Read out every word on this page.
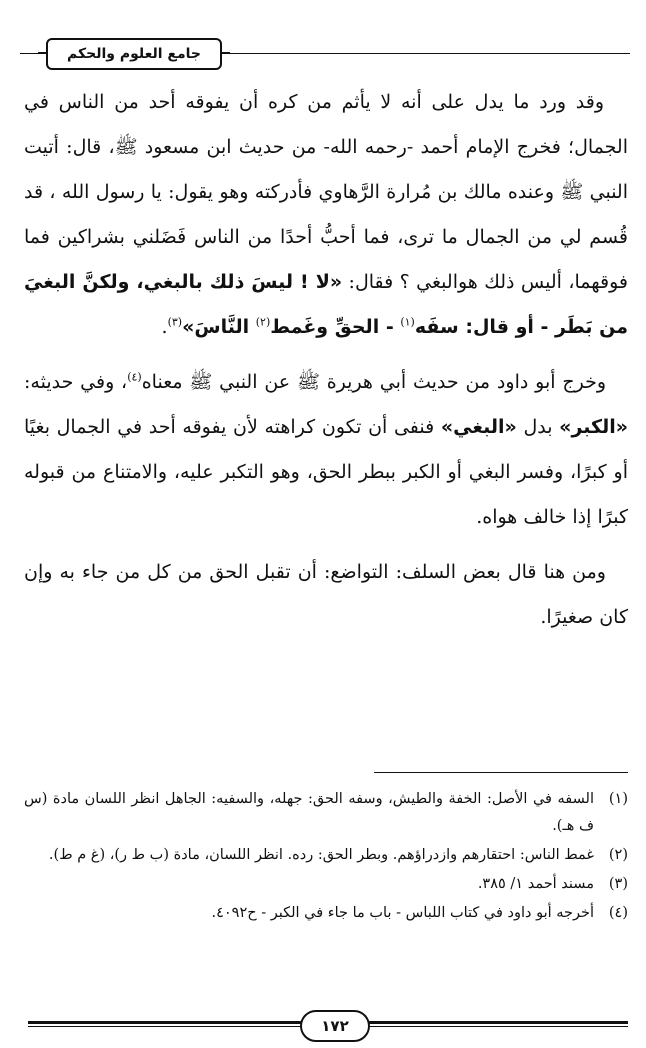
جامع العلوم والحكم

وقد ورد ما يدل على أنه لا يأثم من كره أن يفوقه أحد من الناس في الجمال؛ فخرج الإمام أحمد -رحمه الله- من حديث ابن مسعود ﷺ، قال: أتيت النبي ﷺ وعنده مالك بن مُرارة الرَّهاوي فأدركته وهو يقول: يا رسول الله ، قد قُسم لي من الجمال ما ترى، فما أحبُّ أحدًا من الناس فَضَلني بشراكين فما فوقهما، أليس ذلك هوالبغي ؟ فقال: «لا ! ليسَ ذلك بالبغي، ولكنَّ البغيَ من بَطَر - أو قال: سفَه$^{(١)}$ - الحقِّ وغَمط$^{(٢)}$ النَّاسَ»$^{(٣)}$.

وخرج أبو داود من حديث أبي هريرة ﷺ عن النبي ﷺ معناه$^{(٤)}$، وفي حديثه: «الكبر» بدل «البغي» فنفى أن تكون كراهته لأن يفوقه أحد في الجمال بغيًا أو كبرًا، وفسر البغي أو الكبر ببطر الحق، وهو التكبر عليه، والامتناع من قبوله كبرًا إذا خالف هواه.

ومن هنا قال بعض السلف: التواضع: أن تقبل الحق من كل من جاء به وإن كان صغيرًا.

(١)
السفه في الأصل: الخفة والطيش، وسفه الحق: جهله، والسفيه: الجاهل انظر اللسان مادة (س ف هـ).
(٢)
غمط الناس: احتقارهم وازدراؤهم. وبطر الحق: رده. انظر اللسان، مادة (ب ط ر)، (غ م ط).
(٣)
مسند أحمد ١/ ٣٨٥.
(٤)
أخرجه أبو داود في كتاب اللباس - باب ما جاء في الكبر - ح٤٠٩٢.
١٧٢
